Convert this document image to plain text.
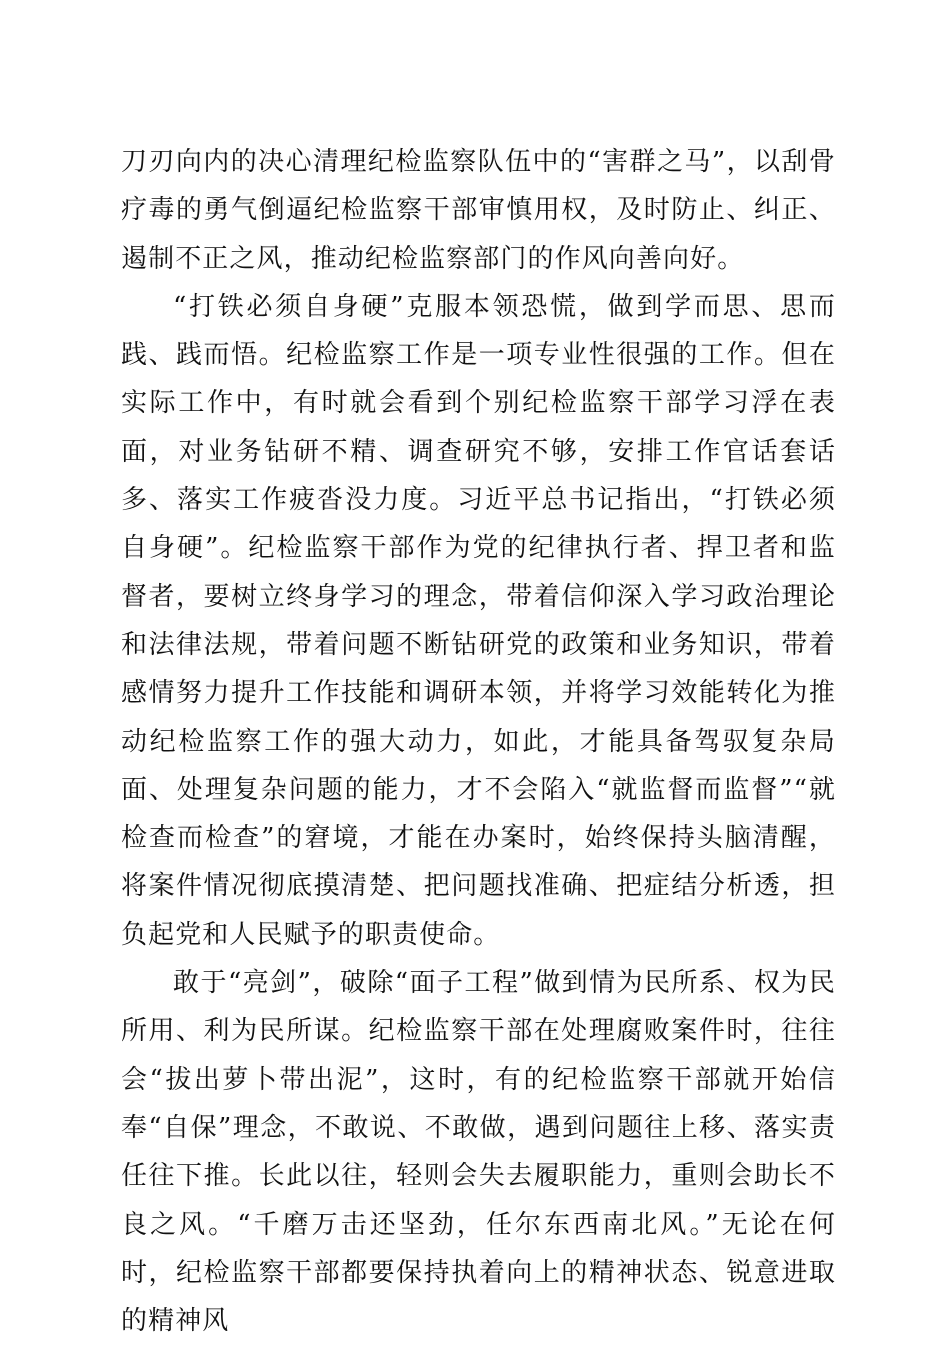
刀刃向内的决心清理纪检监察队伍中的“害群之马”，以刮骨疗毒的勇气倒逼纪检监察干部审慎用权，及时防止、纠正、遏制不正之风，推动纪检监察部门的作风向善向好。

“打铁必须自身硬”克服本领恐慌，做到学而思、思而践、践而悟。纪检监察工作是一项专业性很强的工作。但在实际工作中，有时就会看到个别纪检监察干部学习浮在表面，对业务钻研不精、调查研究不够，安排工作官话套话多、落实工作疲沓没力度。习近平总书记指出，“打铁必须自身硬”。纪检监察干部作为党的纪律执行者、捍卫者和监督者，要树立终身学习的理念，带着信仰深入学习政治理论和法律法规，带着问题不断钻研党的政策和业务知识，带着感情努力提升工作技能和调研本领，并将学习效能转化为推动纪检监察工作的强大动力，如此，才能具备驾驭复杂局面、处理复杂问题的能力，才不会陷入“就监督而监督”“就检查而检查”的窘境，才能在办案时，始终保持头脑清醒，将案件情况彻底摸清楚、把问题找准确、把症结分析透，担负起党和人民赋予的职责使命。

敢于“亮剑”，破除“面子工程”做到情为民所系、权为民所用、利为民所谋。纪检监察干部在处理腐败案件时，往往会“拔出萝卜带出泥”，这时，有的纪检监察干部就开始信奉“自保”理念，不敢说、不敢做，遇到问题往上移、落实责任往下推。长此以往，轻则会失去履职能力，重则会助长不良之风。“千磨万击还坚劲，任尔东西南北风。”无论在何时，纪检监察干部都要保持执着向上的精神状态、锐意进取的精神风
